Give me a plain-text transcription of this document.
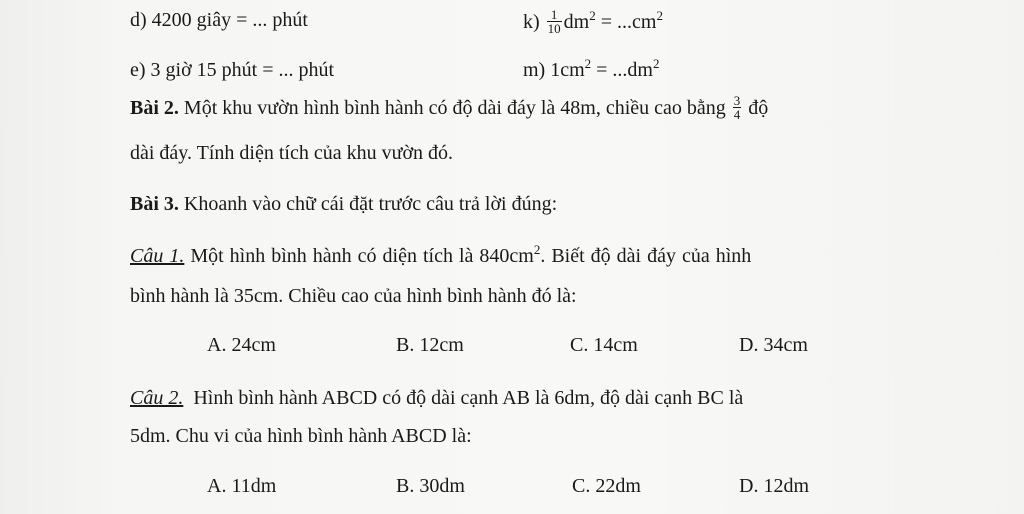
d) 4200 giây = ... phút	$k) \frac{1}{10} dm^2 = ...cm^2$
e) 3 giờ 15 phút = ... phút	m) $1cm^2 = ...dm^2$
Bài 2. Một khu vườn hình bình hành có độ dài đáy là 48m, chiều cao bằng $\frac{3}{4}$ độ
dài đáy. Tính diện tích của khu vườn đó.
Bài 3. Khoanh vào chữ cái đặt trước câu trả lời đúng:
Câu 1. Một hình bình hành có diện tích là $840cm^2$. Biết độ dài đáy của hình
bình hành là 35cm. Chiều cao của hình bình hành đó là:
A. 24cm	B. 12cm	C. 14cm	D. 34cm
Câu 2.  Hình bình hành ABCD có độ dài cạnh AB là 6dm, độ dài cạnh BC là
5dm. Chu vi của hình bình hành ABCD là:
A. 11dm	B. 30dm	C. 22dm	D. 12dm
